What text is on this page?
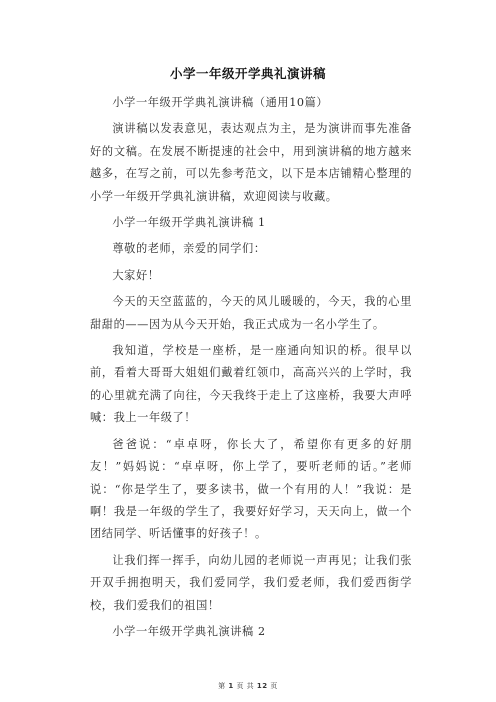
小学一年级开学典礼演讲稿

小学一年级开学典礼演讲稿（通用10篇）

演讲稿以发表意见，表达观点为主，是为演讲而事先准备好的文稿。在发展不断提速的社会中，用到演讲稿的地方越来越多，在写之前，可以先参考范文，以下是本店铺精心整理的小学一年级开学典礼演讲稿，欢迎阅读与收藏。

小学一年级开学典礼演讲稿 1

尊敬的老师，亲爱的同学们：

大家好！

今天的天空蓝蓝的，今天的风儿暖暖的，今天，我的心里甜甜的——因为从今天开始，我正式成为一名小学生了。

我知道，学校是一座桥，是一座通向知识的桥。很早以前，看着大哥哥大姐姐们戴着红领巾，高高兴兴的上学时，我的心里就充满了向往，今天我终于走上了这座桥，我要大声呼喊：我上一年级了！

爸爸说：“卓卓呀，你长大了，希望你有更多的好朋友！”妈妈说：“卓卓呀，你上学了，要听老师的话。”老师说：“你是学生了，要多读书，做一个有用的人！”我说：是啊！我是一年级的学生了，我要好好学习，天天向上，做一个团结同学、听话懂事的好孩子！。

让我们挥一挥手，向幼儿园的老师说一声再见；让我们张开双手拥抱明天，我们爱同学，我们爱老师，我们爱西街学校，我们爱我们的祖国！

小学一年级开学典礼演讲稿 2

第 1 页 共 12 页
